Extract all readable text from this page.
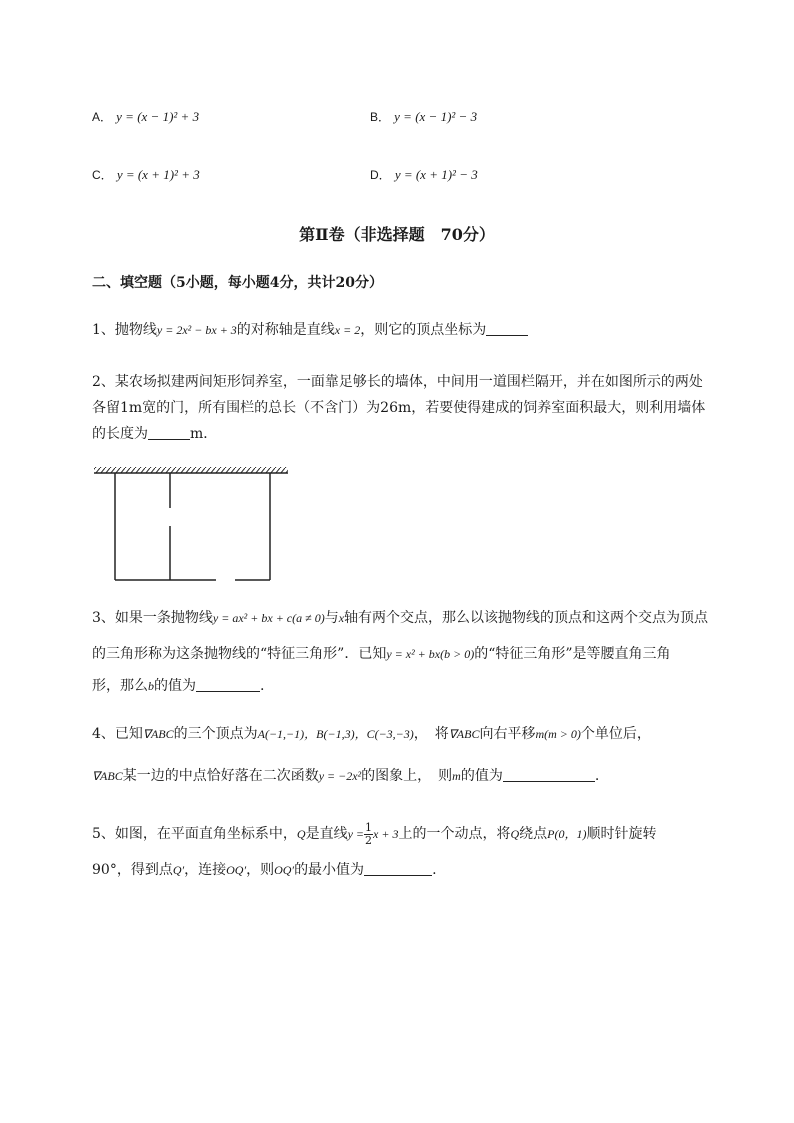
A． y = (x − 1)² + 3	B． y = (x − 1)² − 3
C． y = (x + 1)² + 3	D． y = (x + 1)² − 3
第Ⅱ卷（非选择题　70分）
二、填空题（5小题，每小题4分，共计20分）
1、抛物线y = 2x² − bx + 3的对称轴是直线x = 2，则它的顶点坐标为
2、某农场拟建两间矩形饲养室，一面靠足够长的墙体，中间用一道围栏隔开，并在如图所示的两处
各留1m宽的门，所有围栏的总长（不含门）为26m，若要使得建成的饲养室面积最大，则利用墙体
的长度为	m．
3、如果一条抛物线y = ax² + bx + c(a ≠ 0)与x轴有两个交点，那么以该抛物线的顶点和这两个交点为顶点
的三角形称为这条抛物线的“特征三角形”．已知y = x² + bx(b > 0)的“特征三角形”是等腰直角三角
形，那么b的值为	.
4、已知∇ABC的三个顶点为A(−1,−1)，B(−1,3)，C(−3,−3)，　将∇ABC向右平移m(m > 0)个单位后，
∇ABC某一边的中点恰好落在二次函数y = −2x²的图象上，　则m的值为	.
5、如图，在平面直角坐标系中，Q是直线$y = \frac{1}{2}$ x + 3上的一个动点，将Q绕点P(0，1)顺时针旋转
90°，得到点Q′，连接OQ′，则OQ′的最小值为	.
